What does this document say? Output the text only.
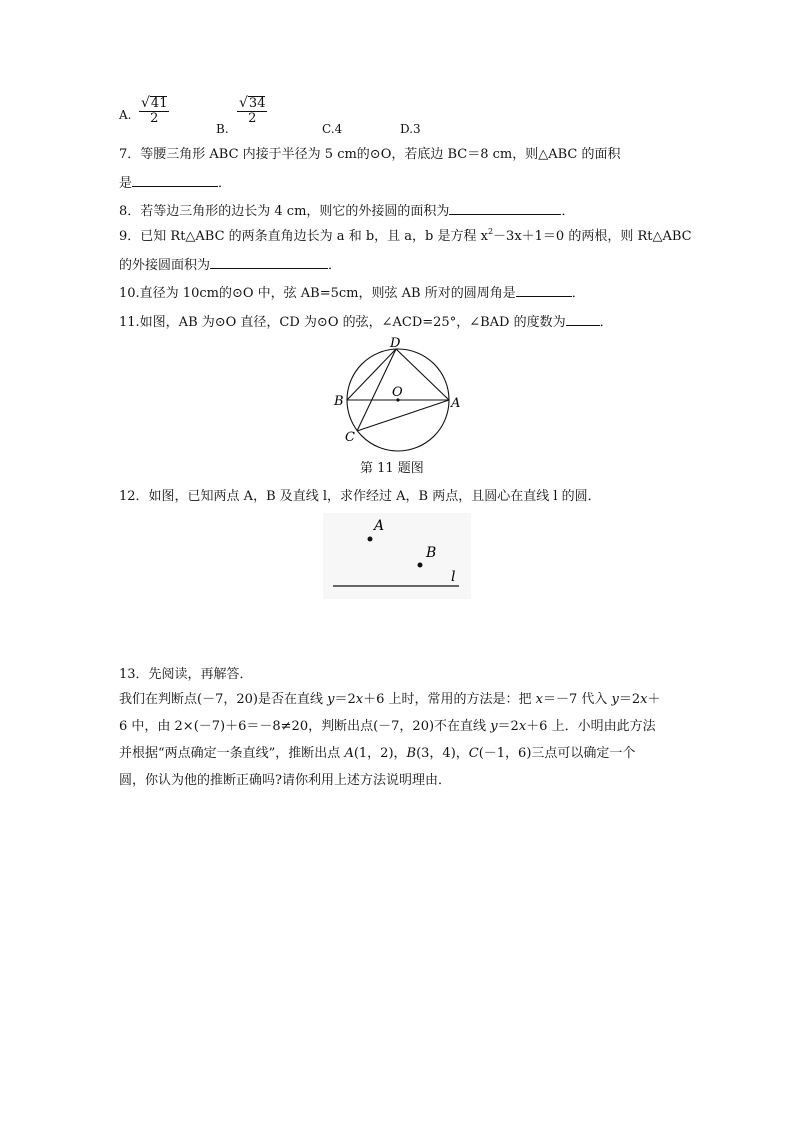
A. $\frac{√41}{2}$
B.
$\frac{√34}{2}$
C.4	D.3
7．等腰三角形 ABC 内接于半径为 5 cm的⊙O，若底边 BC＝8 cm，则△ABC 的面积
是	．
8．若等边三角形的边长为 4 cm，则它的外接圆的面积为	．
9．已知 Rt△ABC 的两条直角边长为 a 和 b，且 a，b 是方程 $x^2-3x+1=0$ 的两根，则 Rt△ABC
的外接圆面积为	．
10.直径为 10cm的⊙O 中，弦 AB=5cm，则弦 AB 所对的圆周角是	．
11.如图，AB 为⊙O 直径，CD 为⊙O 的弦，∠ACD=25°，∠BAD 的度数为	．
D
O
B	A
C
第 11 题图
12．如图，已知两点 A，B 及直线 l，求作经过 A，B 两点，且圆心在直线 l 的圆．
A
B
l
13．先阅读，再解答．
我们在判断点(－7，20)是否在直线 y＝2x＋6 上时，常用的方法是：把 x＝－7 代入 y＝2x＋
6 中，由 2×(－7)＋6＝－8≠20，判断出点(－7，20)不在直线 y＝2x＋6 上．小明由此方法
并根据“两点确定一条直线”，推断出点 A(1，2)，B(3，4)，C(－1，6)三点可以确定一个
圆，你认为他的推断正确吗?请你利用上述方法说明理由．
